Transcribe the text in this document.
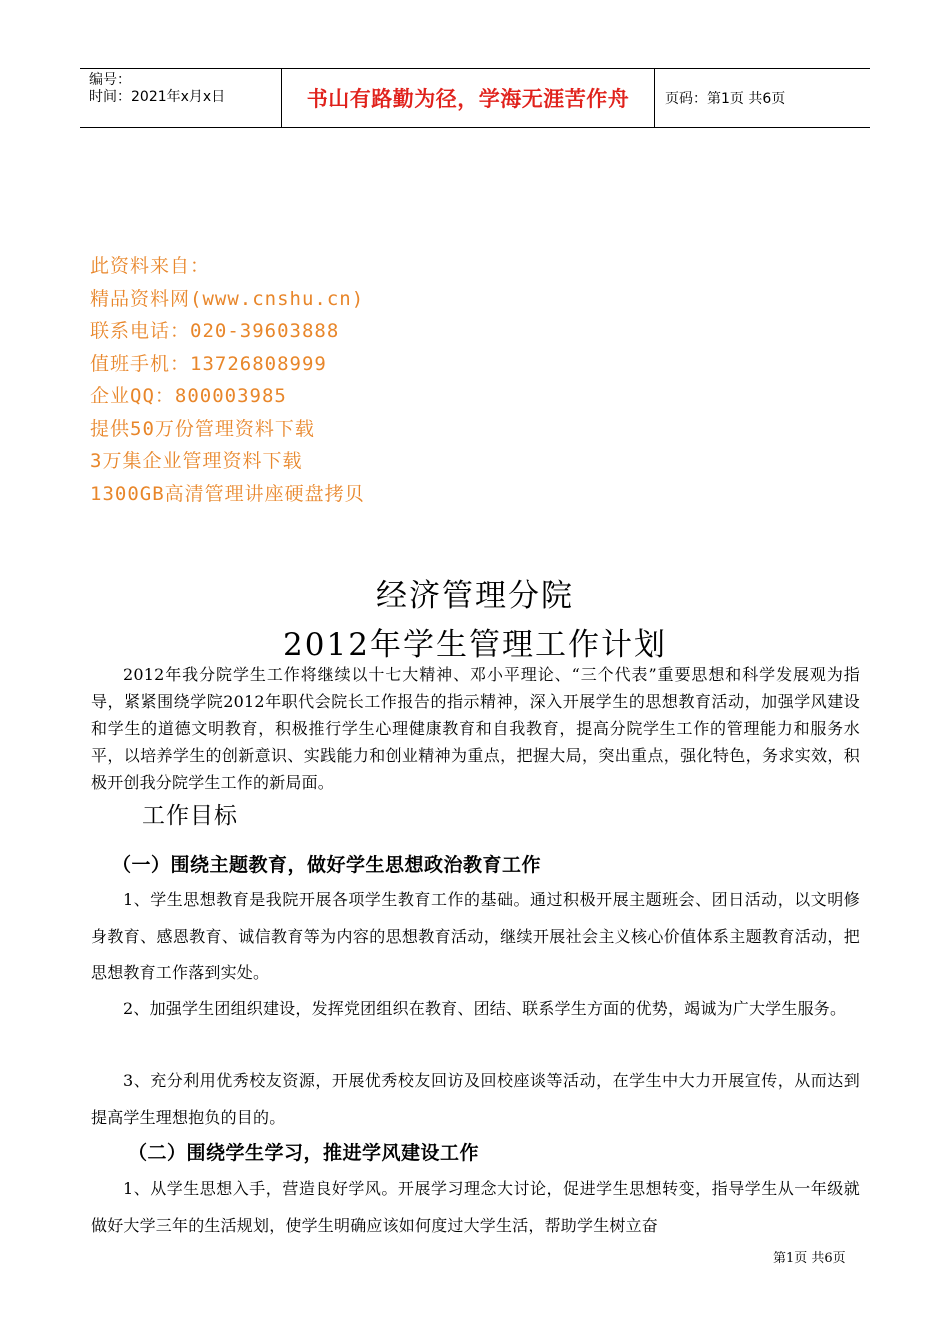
编号：
时间：2021年x月x日	书山有路勤为径，学海无涯苦作舟	页码：第1页 共6页
此资料来自：
精品资料网(www.cnshu.cn)
联系电话：020-39603888
值班手机：13726808999
企业QQ：800003985
提供50万份管理资料下载
3万集企业管理资料下载
1300GB高清管理讲座硬盘拷贝
经济管理分院
2012年学生管理工作计划
2012年我分院学生工作将继续以十七大精神、邓小平理论、“三个代表”重要思想和科学发展观为指导，紧紧围绕学院2012年职代会院长工作报告的指示精神，深入开展学生的思想教育活动，加强学风建设和学生的道德文明教育，积极推行学生心理健康教育和自我教育，提高分院学生工作的管理能力和服务水平，以培养学生的创新意识、实践能力和创业精神为重点，把握大局，突出重点，强化特色，务求实效，积极开创我分院学生工作的新局面。
工作目标
（一）围绕主题教育，做好学生思想政治教育工作
1、学生思想教育是我院开展各项学生教育工作的基础。通过积极开展主题班会、团日活动，以文明修身教育、感恩教育、诚信教育等为内容的思想教育活动，继续开展社会主义核心价值体系主题教育活动，把思想教育工作落到实处。
2、加强学生团组织建设，发挥党团组织在教育、团结、联系学生方面的优势，竭诚为广大学生服务。
3、充分利用优秀校友资源，开展优秀校友回访及回校座谈等活动，在学生中大力开展宣传，从而达到提高学生理想抱负的目的。
（二）围绕学生学习，推进学风建设工作
1、从学生思想入手，营造良好学风。开展学习理念大讨论，促进学生思想转变，指导学生从一年级就做好大学三年的生活规划，使学生明确应该如何度过大学生活，帮助学生树立奋
第1页 共6页
